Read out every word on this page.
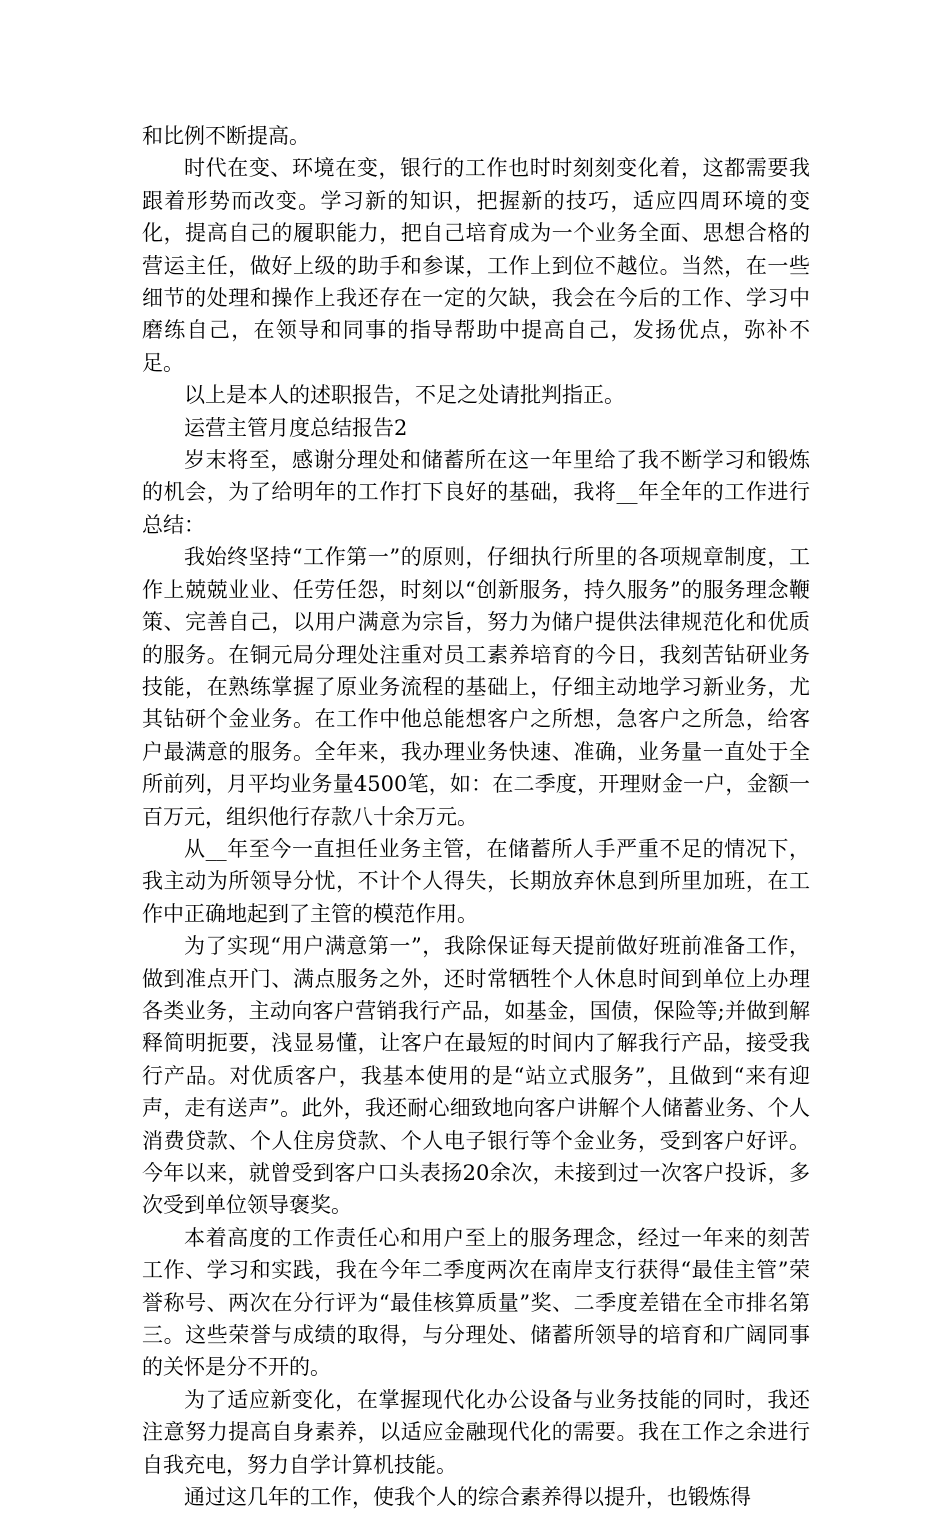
和比例不断提高。

时代在变、环境在变，银行的工作也时时刻刻变化着，这都需要我跟着形势而改变。学习新的知识，把握新的技巧，适应四周环境的变化，提高自己的履职能力，把自己培育成为一个业务全面、思想合格的营运主任，做好上级的助手和参谋，工作上到位不越位。当然，在一些细节的处理和操作上我还存在一定的欠缺，我会在今后的工作、学习中磨练自己，在领导和同事的指导帮助中提高自己，发扬优点，弥补不足。

以上是本人的述职报告，不足之处请批判指正。

运营主管月度总结报告2

岁末将至，感谢分理处和储蓄所在这一年里给了我不断学习和锻炼的机会，为了给明年的工作打下良好的基础，我将__年全年的工作进行总结：

我始终坚持“工作第一”的原则，仔细执行所里的各项规章制度，工作上兢兢业业、任劳任怨，时刻以“创新服务，持久服务”的服务理念鞭策、完善自己，以用户满意为宗旨，努力为储户提供法律规范化和优质的服务。在铜元局分理处注重对员工素养培育的今日，我刻苦钻研业务技能，在熟练掌握了原业务流程的基础上，仔细主动地学习新业务，尤其钻研个金业务。在工作中他总能想客户之所想，急客户之所急，给客户最满意的服务。全年来，我办理业务快速、准确，业务量一直处于全所前列，月平均业务量4500笔，如：在二季度，开理财金一户，金额一百万元，组织他行存款八十余万元。

从__年至今一直担任业务主管，在储蓄所人手严重不足的情况下，我主动为所领导分忧，不计个人得失，长期放弃休息到所里加班，在工作中正确地起到了主管的模范作用。

为了实现“用户满意第一”，我除保证每天提前做好班前准备工作，做到准点开门、满点服务之外，还时常牺牲个人休息时间到单位上办理各类业务，主动向客户营销我行产品，如基金，国债，保险等;并做到解释简明扼要，浅显易懂，让客户在最短的时间内了解我行产品，接受我行产品。对优质客户，我基本使用的是“站立式服务”，且做到“来有迎声，走有送声”。此外，我还耐心细致地向客户讲解个人储蓄业务、个人消费贷款、个人住房贷款、个人电子银行等个金业务，受到客户好评。今年以来，就曾受到客户口头表扬20余次，未接到过一次客户投诉，多次受到单位领导褒奖。

本着高度的工作责任心和用户至上的服务理念，经过一年来的刻苦工作、学习和实践，我在今年二季度两次在南岸支行获得“最佳主管”荣誉称号、两次在分行评为“最佳核算质量”奖、二季度差错在全市排名第三。这些荣誉与成绩的取得，与分理处、储蓄所领导的培育和广阔同事的关怀是分不开的。

为了适应新变化，在掌握现代化办公设备与业务技能的同时，我还注意努力提高自身素养，以适应金融现代化的需要。我在工作之余进行自我充电，努力自学计算机技能。

通过这几年的工作，使我个人的综合素养得以提升，也锻炼得
